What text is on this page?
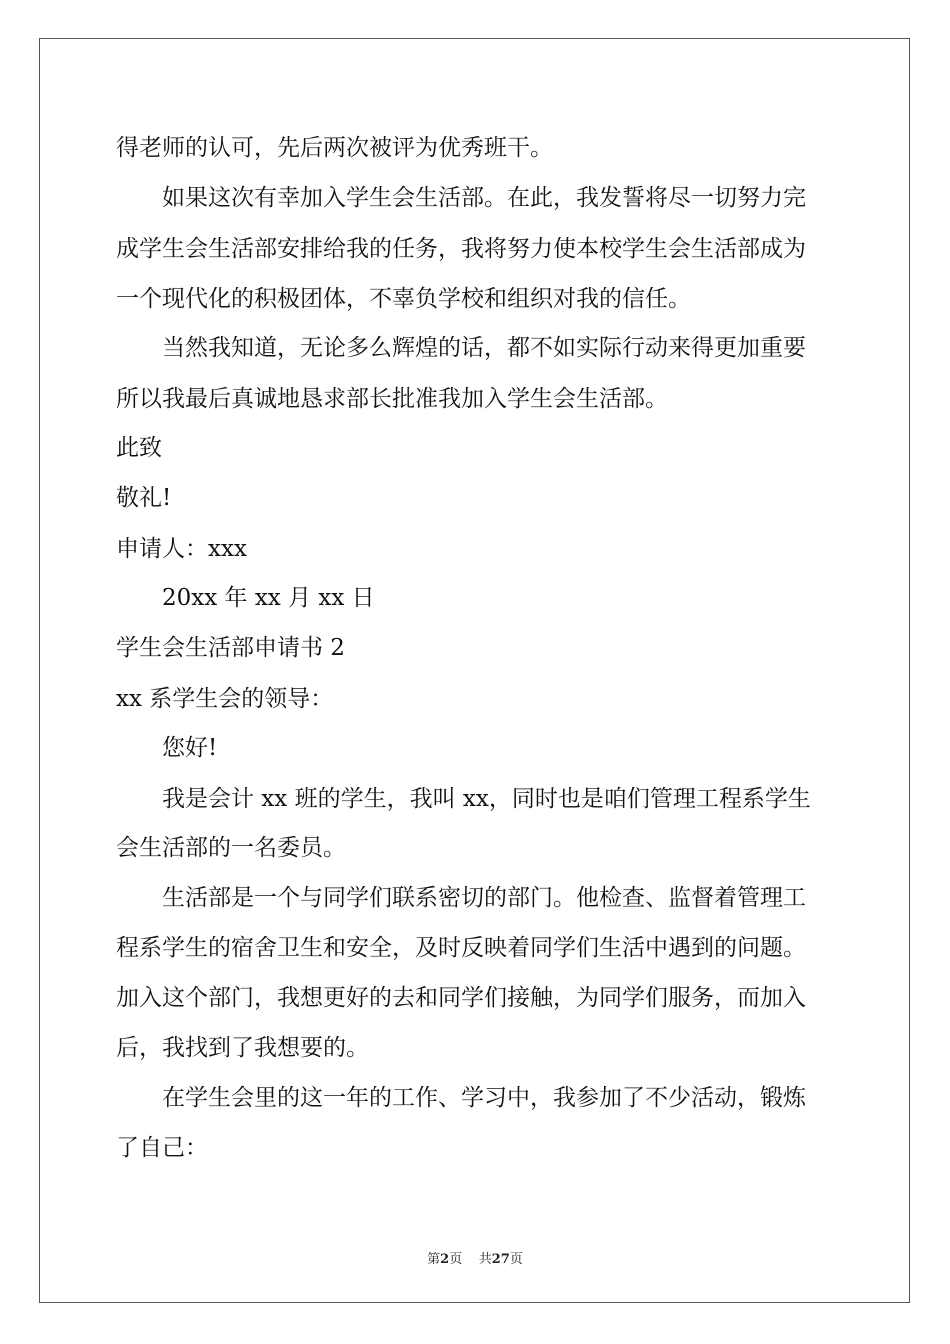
得老师的认可，先后两次被评为优秀班干。

如果这次有幸加入学生会生活部。在此，我发誓将尽一切努力完

成学生会生活部安排给我的任务，我将努力使本校学生会生活部成为

一个现代化的积极团体，不辜负学校和组织对我的信任。

当然我知道，无论多么辉煌的话，都不如实际行动来得更加重要

所以我最后真诚地恳求部长批准我加入学生会生活部。

此致

敬礼!

申请人：xxx

20xx 年 xx 月 xx 日

学生会生活部申请书 2

xx 系学生会的领导：

您好!

我是会计 xx 班的学生，我叫 xx，同时也是咱们管理工程系学生

会生活部的一名委员。

生活部是一个与同学们联系密切的部门。他检查、监督着管理工

程系学生的宿舍卫生和安全，及时反映着同学们生活中遇到的问题。

加入这个部门，我想更好的去和同学们接触，为同学们服务，而加入

后，我找到了我想要的。

在学生会里的这一年的工作、学习中，我参加了不少活动，锻炼

了自己：

第2页 共27页
